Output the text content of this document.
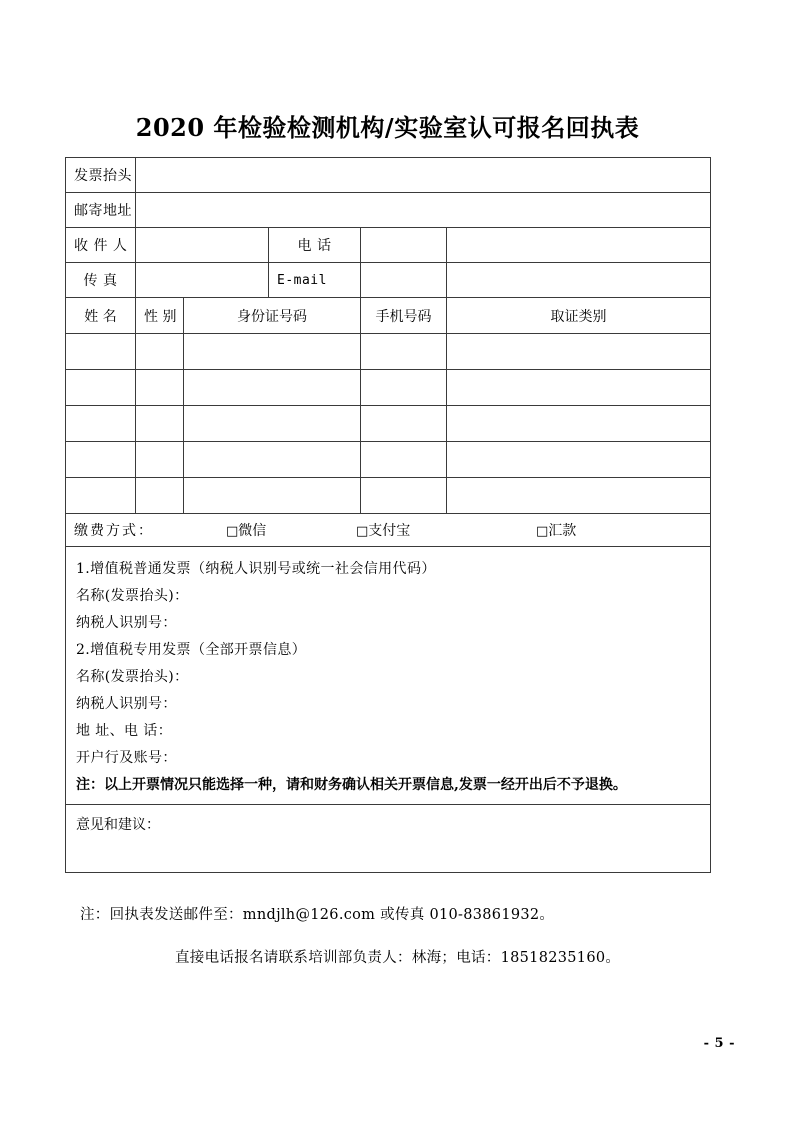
2020 年检验检测机构/实验室认可报名回执表
发票抬头					
邮寄地址					
收 件 人			电 话		
传 真			E-mail		
姓 名	性 别	身份证号码		手机号码	取证类别

缴费方式： □微信 □支付宝 □汇款					

1.增值税普通发票（纳税人识别号或统一社会信用代码）
名称(发票抬头)：
纳税人识别号：
2.增值税专用发票（全部开票信息）
名称(发票抬头)：
纳税人识别号：
地 址、电 话：
开户行及账号：
注：以上开票情况只能选择一种，请和财务确认相关开票信息,发票一经开出后不予退换。

意见和建议：					
注：回执表发送邮件至：mndjlh@126.com 或传真 010-83861932。
直接电话报名请联系培训部负责人：林海；电话：18518235160。
- 5 -
